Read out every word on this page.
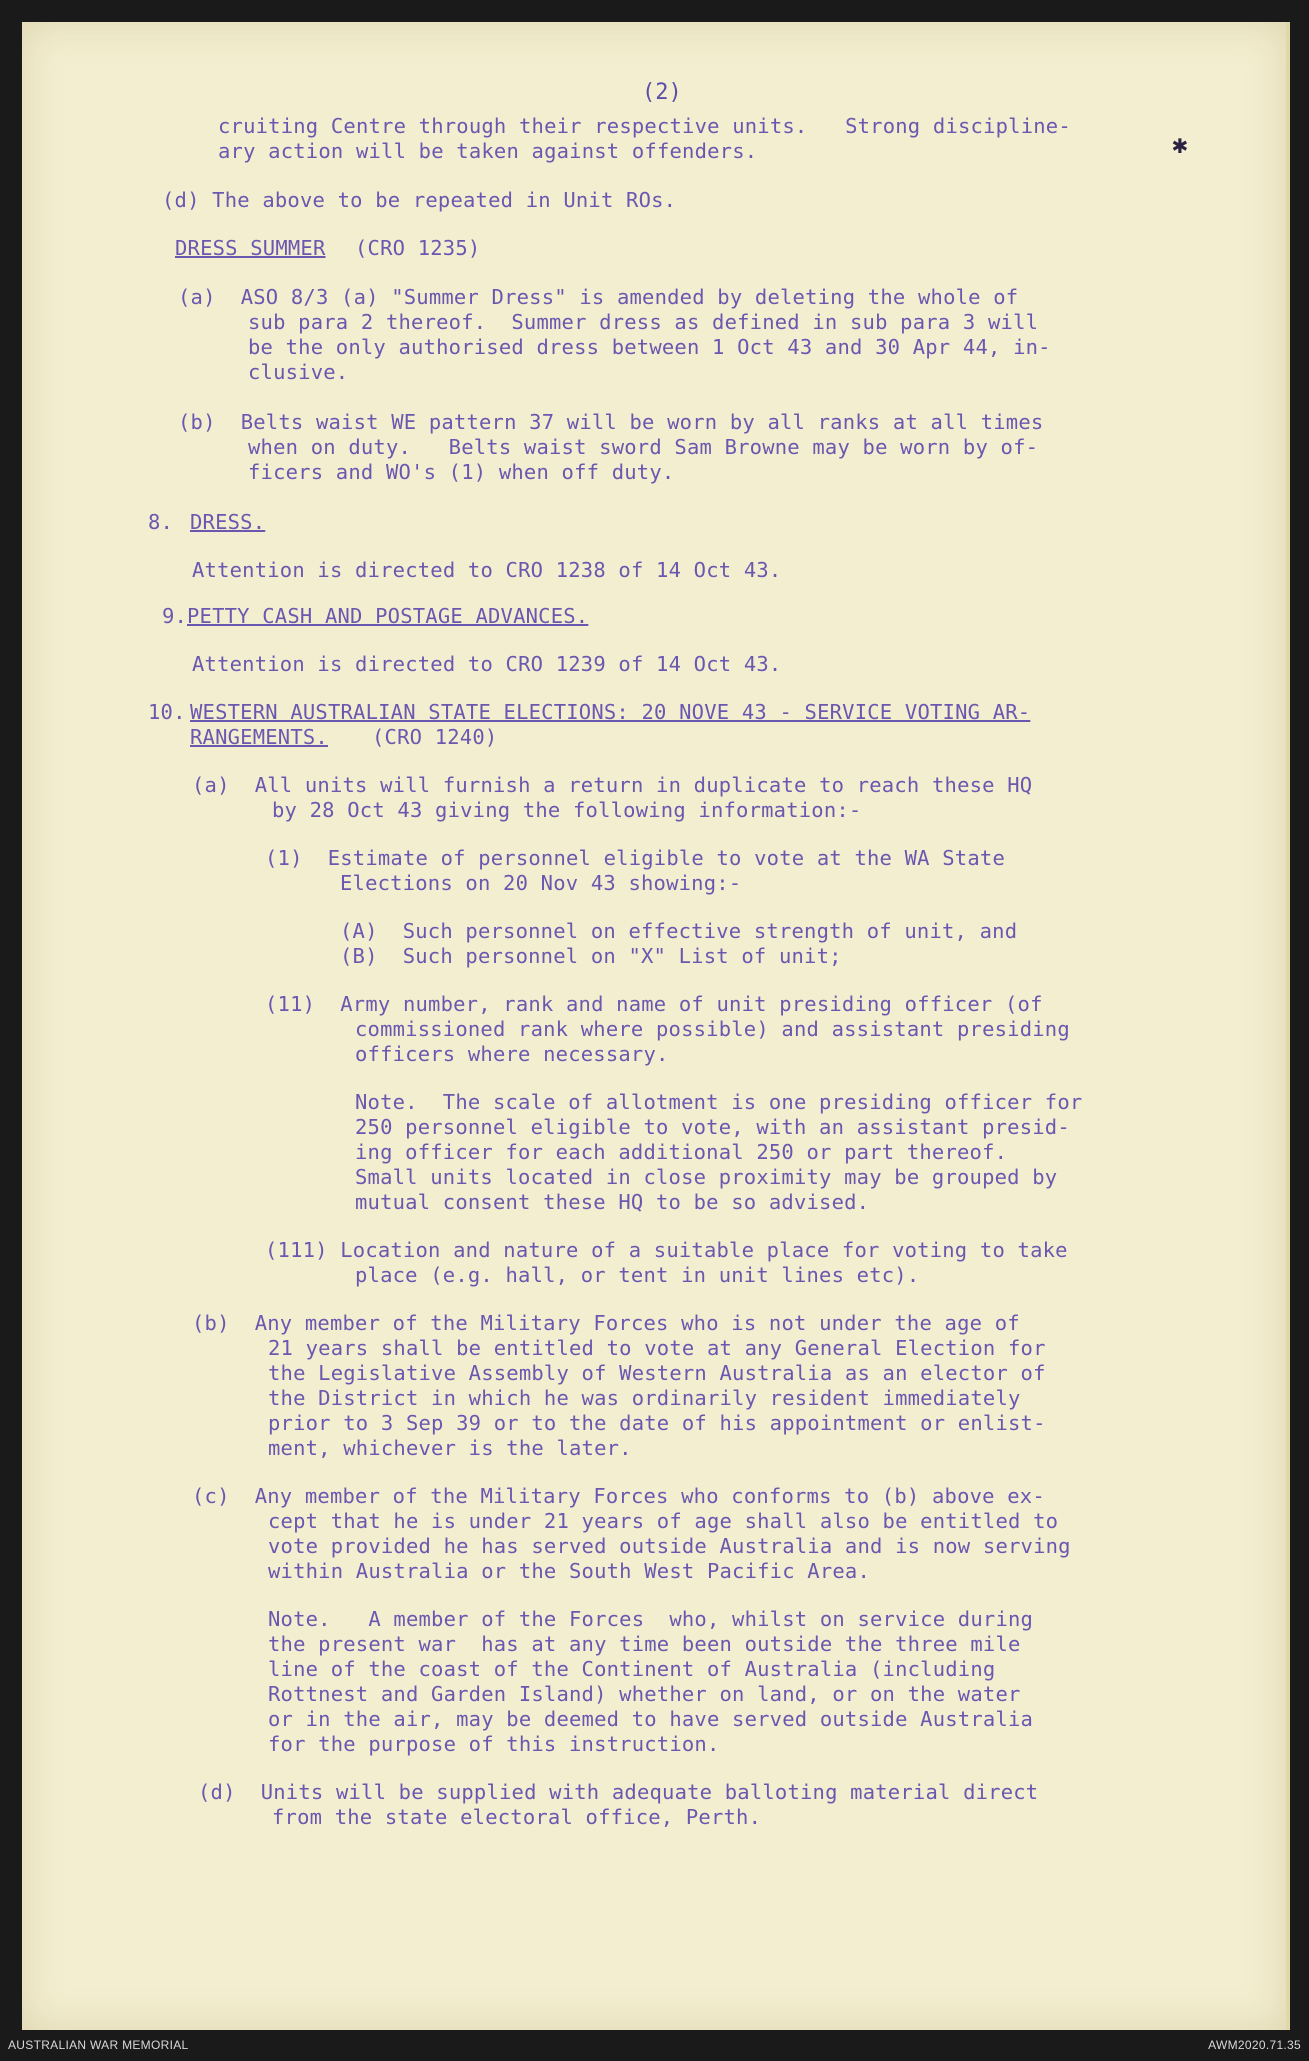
(2)
✱
cruiting Centre through their respective units.   Strong discipline-
ary action will be taken against offenders.
(d) The above to be repeated in Unit ROs.
DRESS SUMMER (CRO 1235)
(a)  ASO 8/3 (a) "Summer Dress" is amended by deleting the whole of
sub para 2 thereof.  Summer dress as defined in sub para 3 will
be the only authorised dress between 1 Oct 43 and 30 Apr 44, in-
clusive.
(b)  Belts waist WE pattern 37 will be worn by all ranks at all times
when on duty.   Belts waist sword Sam Browne may be worn by of-
ficers and WO's (1) when off duty.
8. DRESS.
Attention is directed to CRO 1238 of 14 Oct 43.
9. PETTY CASH AND POSTAGE ADVANCES.
Attention is directed to CRO 1239 of 14 Oct 43.
10. WESTERN AUSTRALIAN STATE ELECTIONS: 20 NOVE 43 - SERVICE VOTING AR-
RANGEMENTS. (CRO 1240)
(a)  All units will furnish a return in duplicate to reach these HQ
by 28 Oct 43 giving the following information:-
(1)  Estimate of personnel eligible to vote at the WA State
Elections on 20 Nov 43 showing:-
(A)  Such personnel on effective strength of unit, and
(B)  Such personnel on "X" List of unit;
(11)  Army number, rank and name of unit presiding officer (of
commissioned rank where possible) and assistant presiding
officers where necessary.
Note.  The scale of allotment is one presiding officer for
250 personnel eligible to vote, with an assistant presid-
ing officer for each additional 250 or part thereof.
Small units located in close proximity may be grouped by
mutual consent these HQ to be so advised.
(111) Location and nature of a suitable place for voting to take
place (e.g. hall, or tent in unit lines etc).
(b)  Any member of the Military Forces who is not under the age of
21 years shall be entitled to vote at any General Election for
the Legislative Assembly of Western Australia as an elector of
the District in which he was ordinarily resident immediately
prior to 3 Sep 39 or to the date of his appointment or enlist-
ment, whichever is the later.
(c)  Any member of the Military Forces who conforms to (b) above ex-
cept that he is under 21 years of age shall also be entitled to
vote provided he has served outside Australia and is now serving
within Australia or the South West Pacific Area.
Note.   A member of the Forces  who, whilst on service during
the present war  has at any time been outside the three mile
line of the coast of the Continent of Australia (including
Rottnest and Garden Island) whether on land, or on the water
or in the air, may be deemed to have served outside Australia
for the purpose of this instruction.
(d)  Units will be supplied with adequate balloting material direct
from the state electoral office, Perth.
AUSTRALIAN WAR MEMORIAL	AWM2020.71.35
